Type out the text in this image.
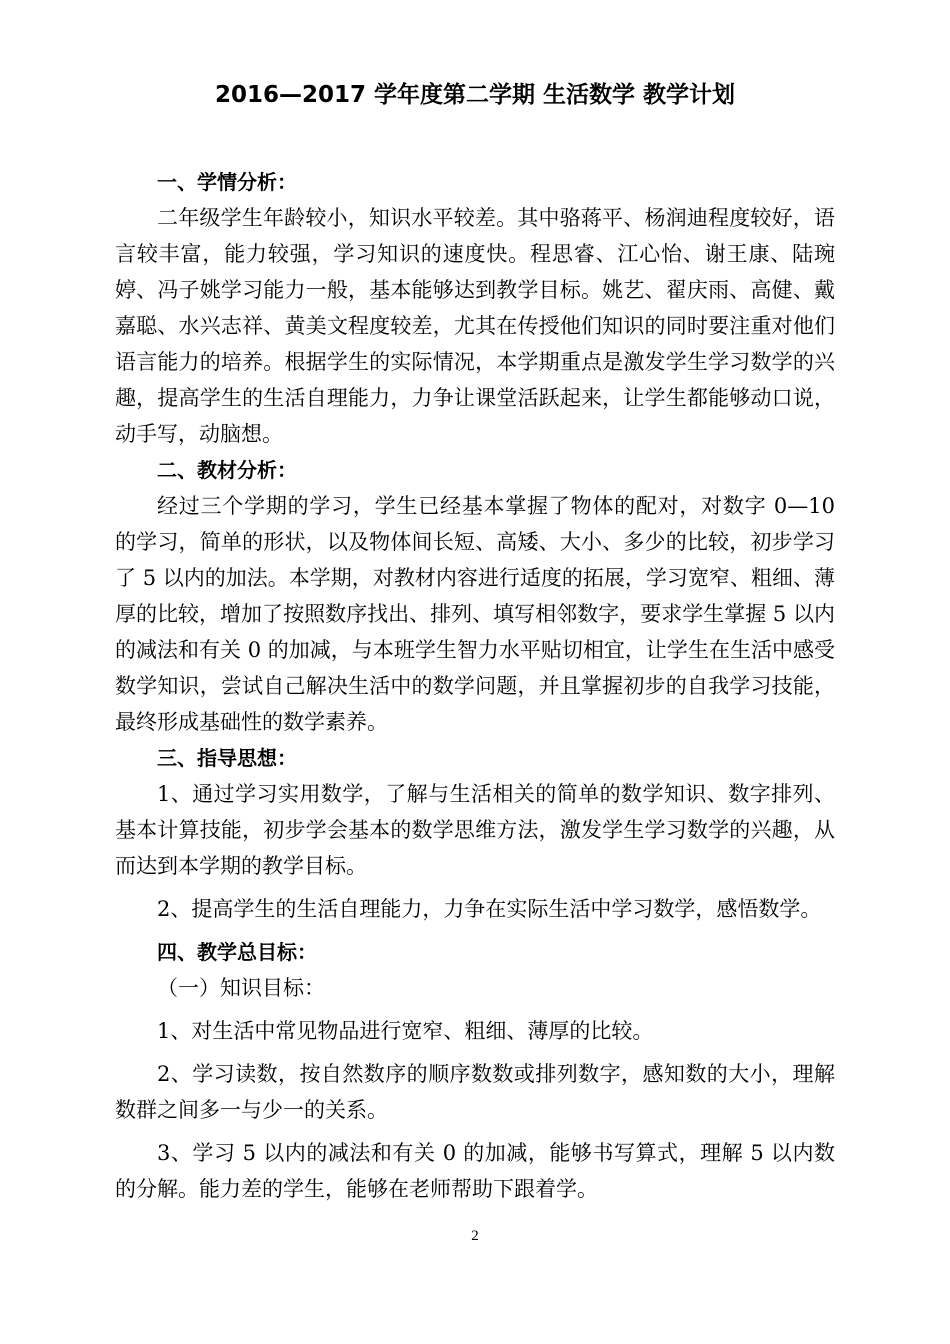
2016—2017 学年度第二学期 生活数学 教学计划
一、学情分析：

二年级学生年龄较小，知识水平较差。其中骆蒋平、杨润迪程度较好，语言较丰富，能力较强，学习知识的速度快。程思睿、江心怡、谢王康、陆琬婷、冯子姚学习能力一般，基本能够达到教学目标。姚艺、翟庆雨、高健、戴嘉聪、水兴志祥、黄美文程度较差，尤其在传授他们知识的同时要注重对他们语言能力的培养。根据学生的实际情况，本学期重点是激发学生学习数学的兴趣，提高学生的生活自理能力，力争让课堂活跃起来，让学生都能够动口说，动手写，动脑想。

二、教材分析：

经过三个学期的学习，学生已经基本掌握了物体的配对，对数字 0—10 的学习，简单的形状，以及物体间长短、高矮、大小、多少的比较，初步学习了 5 以内的加法。本学期，对教材内容进行适度的拓展，学习宽窄、粗细、薄厚的比较，增加了按照数序找出、排列、填写相邻数字，要求学生掌握 5 以内的减法和有关 0 的加减，与本班学生智力水平贴切相宜，让学生在生活中感受数学知识，尝试自己解决生活中的数学问题，并且掌握初步的自我学习技能，最终形成基础性的数学素养。

三、指导思想：

1、通过学习实用数学，了解与生活相关的简单的数学知识、数字排列、基本计算技能，初步学会基本的数学思维方法，激发学生学习数学的兴趣，从而达到本学期的教学目标。

2、提高学生的生活自理能力，力争在实际生活中学习数学，感悟数学。

四、教学总目标：

（一）知识目标：

1、对生活中常见物品进行宽窄、粗细、薄厚的比较。

2、学习读数，按自然数序的顺序数数或排列数字，感知数的大小，理解数群之间多一与少一的关系。

3、学习 5 以内的减法和有关 0 的加减，能够书写算式，理解 5 以内数的分解。能力差的学生，能够在老师帮助下跟着学。

2
